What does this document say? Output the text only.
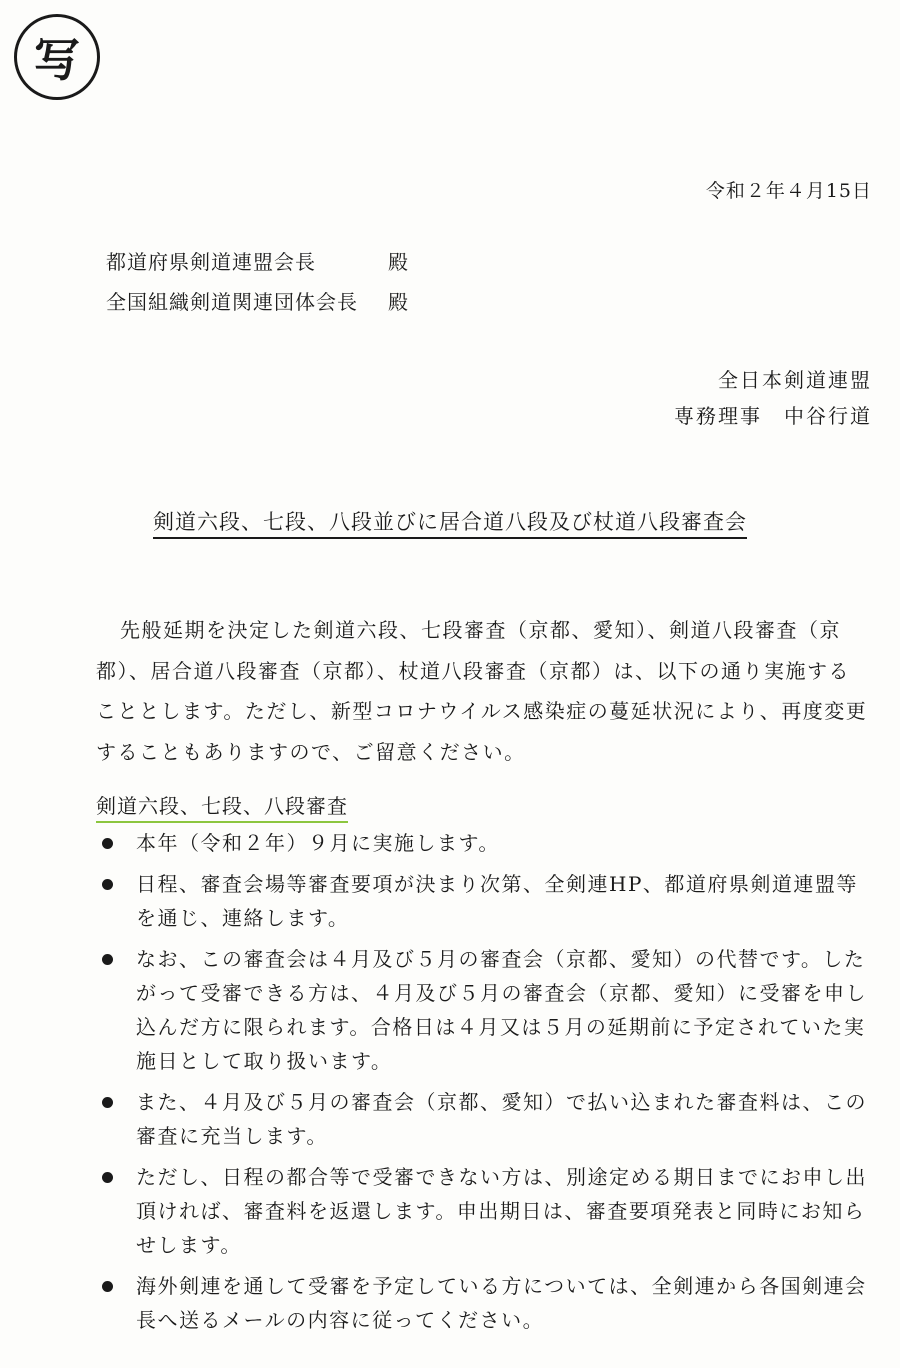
写
令和２年４月15日
都道府県剣道連盟会長	殿
全国組織剣道関連団体会長 殿
全日本剣道連盟
専務理事　中谷行道
剣道六段、七段、八段並びに居合道八段及び杖道八段審査会

先般延期を決定した剣道六段、七段審査（京都、愛知）、剣道八段審査（京都）、居合道八段審査（京都）、杖道八段審査（京都）は、以下の通り実施することとします。ただし、新型コロナウイルス感染症の蔓延状況により、再度変更することもありますので、ご留意ください。

剣道六段、七段、八段審査
本年（令和２年）９月に実施します。
日程、審査会場等審査要項が決まり次第、全剣連HP、都道府県剣道連盟等を通じ、連絡します。
なお、この審査会は４月及び５月の審査会（京都、愛知）の代替です。したがって受審できる方は、４月及び５月の審査会（京都、愛知）に受審を申し込んだ方に限られます。合格日は４月又は５月の延期前に予定されていた実施日として取り扱います。
また、４月及び５月の審査会（京都、愛知）で払い込まれた審査料は、この審査に充当します。
ただし、日程の都合等で受審できない方は、別途定める期日までにお申し出頂ければ、審査料を返還します。申出期日は、審査要項発表と同時にお知らせします。
海外剣連を通して受審を予定している方については、全剣連から各国剣連会長へ送るメールの内容に従ってください。
